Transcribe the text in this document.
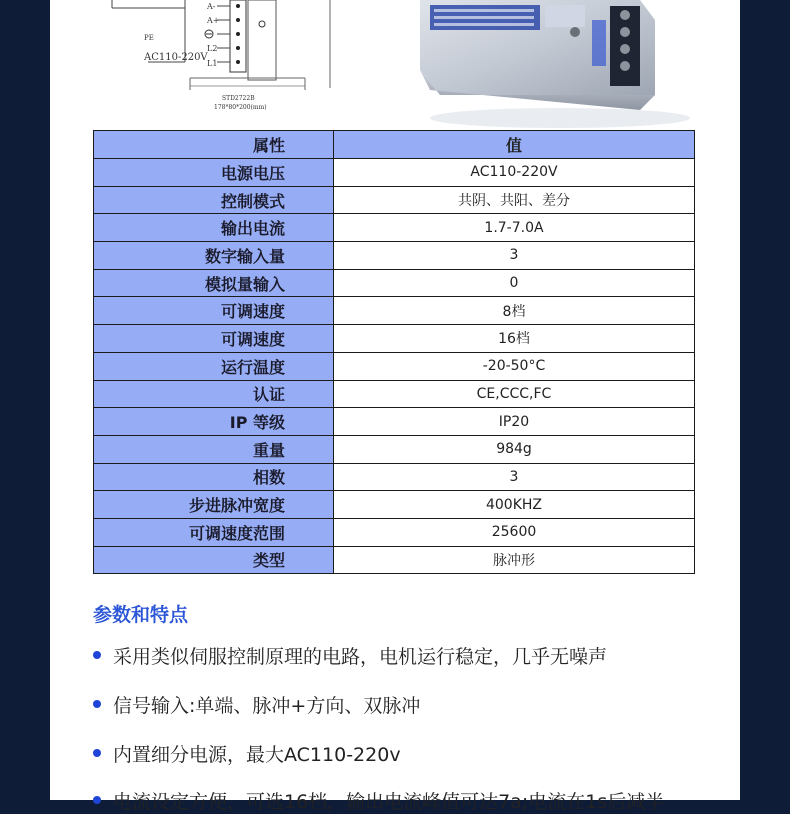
A-
A+
PE
L2
L1
AC110-220V
STD2722B
178*80*200(mm)
属性	值
电源电压	AC110-220V
控制模式	共阴、共阳、差分
输出电流	1.7-7.0A
数字输入量	3
模拟量输入	0
可调速度	8档
可调速度	16档
运行温度	-20-50°C
认证	CE,CCC,FC
IP 等级	IP20
重量	984g
相数	3
步进脉冲宽度	400KHZ
可调速度范围	25600
类型	脉冲形
参数和特点
采用类似伺服控制原理的电路，电机运行稳定，几乎无噪声
信号输入:单端、脉冲+方向、双脉冲
内置细分电源，最大AC110-220v
电流设定方便，可选16档，输出电流峰值可达7a;电流在1s后减半
